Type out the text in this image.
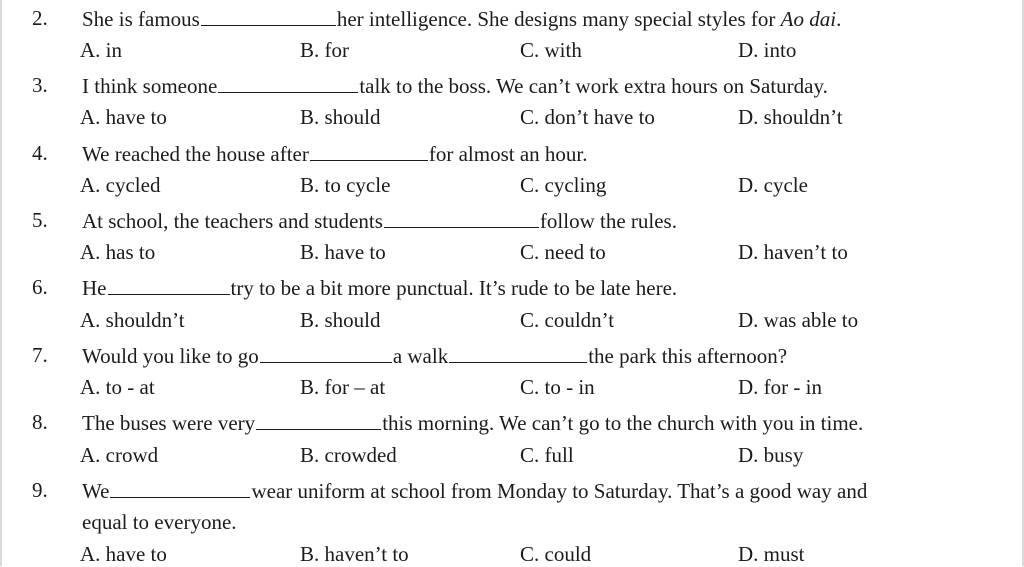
2. She is famous	her intelligence. She designs many special styles for Ao dai.
A. in	B. for	C. with	D. into
3. I think someone	talk to the boss. We can’t work extra hours on Saturday.
A. have to	B. should	C. don’t have to	D. shouldn’t
4. We reached the house after	for almost an hour.
A. cycled	B. to cycle	C. cycling	D. cycle
5. At school, the teachers and students	follow the rules.
A. has to	B. have to	C. need to	D. haven’t to
6. He	try to be a bit more punctual. It’s rude to be late here.
A. shouldn’t	B. should	C. couldn’t	D. was able to
7. Would you like to go	a walk	the park this afternoon?
A. to - at	B. for – at	C. to - in	D. for - in
8. The buses were very	this morning. We can’t go to the church with you in time.
A. crowd	B. crowded	C. full	D. busy
9. We	wear uniform at school from Monday to Saturday. That’s a good way and
equal to everyone.
A. have to	B. haven’t to	C. could	D. must
